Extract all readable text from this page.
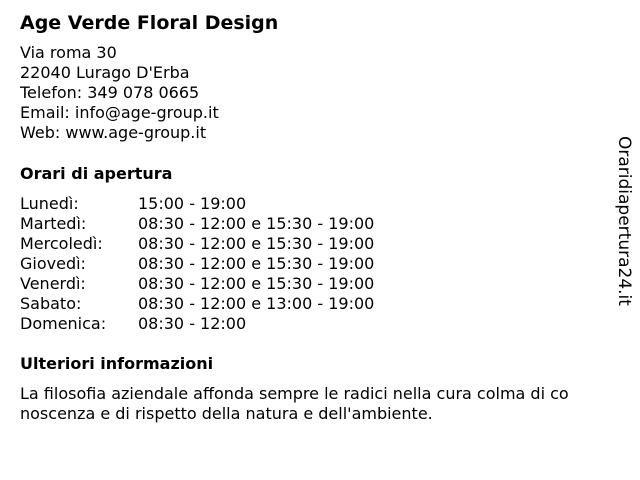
Age Verde Floral Design
Via roma 30
22040 Lurago D'Erba
Telefon: 349 078 0665
Email: info@age-group.it
Web: www.age-group.it
Orari di apertura
Lunedì:	15:00 - 19:00
Martedì:	08:30 - 12:00 e 15:30 - 19:00
Mercoledì:	08:30 - 12:00 e 15:30 - 19:00
Giovedì:	08:30 - 12:00 e 15:30 - 19:00
Venerdì:	08:30 - 12:00 e 15:30 - 19:00
Sabato:	08:30 - 12:00 e 13:00 - 19:00
Domenica:	08:30 - 12:00
Ulteriori informazioni
La filosofia aziendale affonda sempre le radici nella cura colma di co
noscenza e di rispetto della natura e dell'ambiente.
Oraridiapertura24.it
